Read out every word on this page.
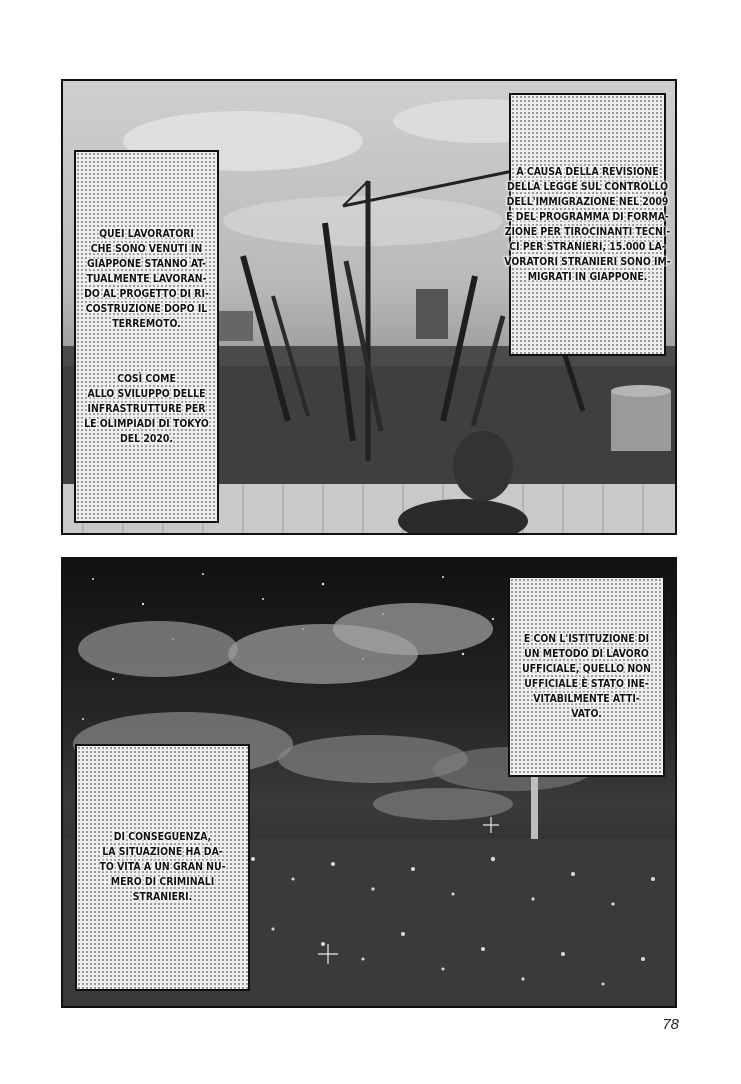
QUEI LAVORATORI
CHE SONO VENUTI IN
GIAPPONE STANNO AT-
TUALMENTE LAVORAN-
DO AL PROGETTO DI RI-
COSTRUZIONE DOPO IL
TERREMOTO.
COSÌ COME
ALLO SVILUPPO DELLE
INFRASTRUTTURE PER
LE OLIMPIADI DI TOKYO
DEL 2020.
A CAUSA DELLA REVISIONE
DELLA LEGGE SUL CONTROLLO
DELL'IMMIGRAZIONE NEL 2009
E DEL PROGRAMMA DI FORMA-
ZIONE PER TIROCINANTI TECNI-
CI PER STRANIERI, 15.000 LA-
VORATORI STRANIERI SONO IM-
MIGRATI IN GIAPPONE.
E CON L'ISTITUZIONE DI
UN METODO DI LAVORO
UFFICIALE, QUELLO NON
UFFICIALE È STATO INE-
VITABILMENTE ATTI-
VATO.
DI CONSEGUENZA,
LA SITUAZIONE HA DA-
TO VITA A UN GRAN NU-
MERO DI CRIMINALI
STRANIERI.
78
